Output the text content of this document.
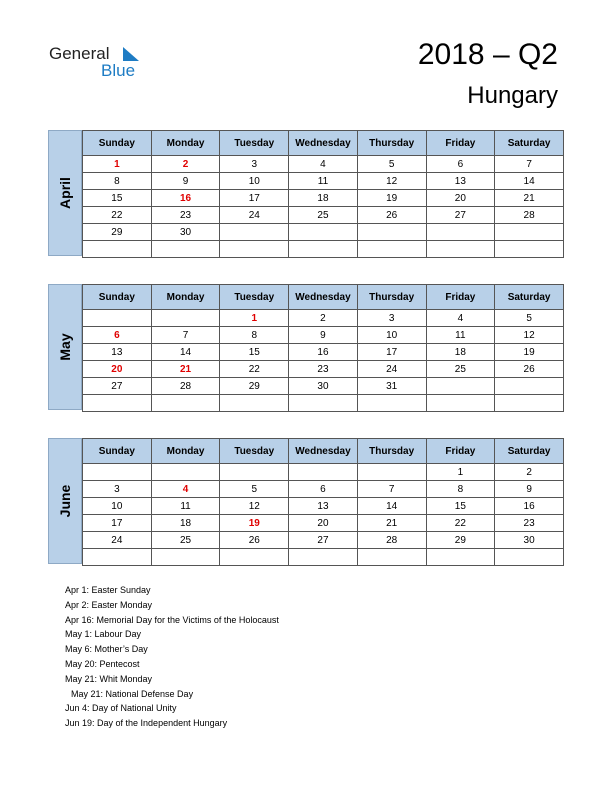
General
Blue	2018 – Q2
Hungary
April
Sunday	Monday	Tuesday	Wednesday	Thursday	Friday	Saturday
1	2	3	4	5	6	7
8	9	10	11	12	13	14
15	16	17	18	19	20	21
22	23	24	25	26	27	28
29	30					

May
Sunday	Monday	Tuesday	Wednesday	Thursday	Friday	Saturday
		1	2	3	4	5
6	7	8	9	10	11	12
13	14	15	16	17	18	19
20	21	22	23	24	25	26
27	28	29	30	31		

June
Sunday	Monday	Tuesday	Wednesday	Thursday	Friday	Saturday
					1	2
3	4	5	6	7	8	9
10	11	12	13	14	15	16
17	18	19	20	21	22	23
24	25	26	27	28	29	30

Apr 1: Easter Sunday
Apr 2: Easter Monday
Apr 16: Memorial Day for the Victims of the Holocaust
May 1: Labour Day
May 6: Mother’s Day
May 20: Pentecost
May 21: Whit Monday
May 21: National Defense Day
Jun 4: Day of National Unity
Jun 19: Day of the Independent Hungary
